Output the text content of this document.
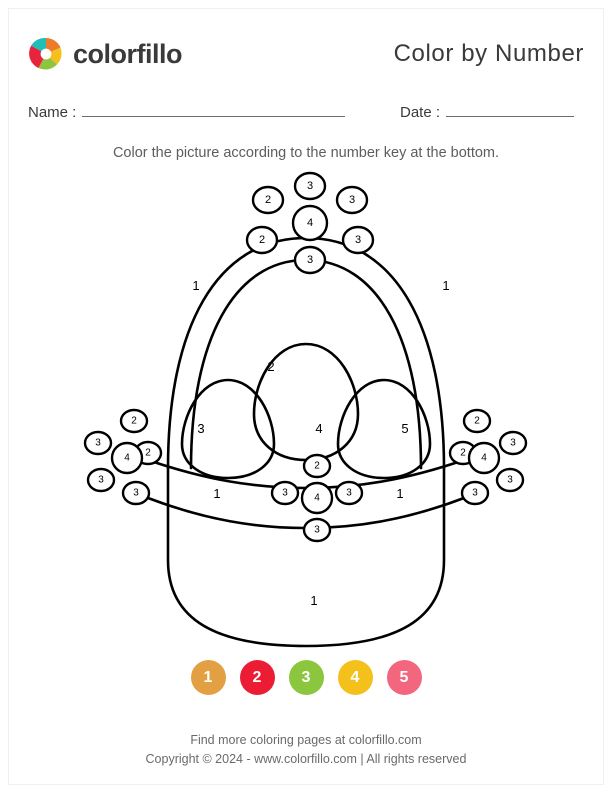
colorfillo	Color by Number
Name :	Date :
Color the picture according to the number key at the bottom.
1	1
2
3	4	5
1	1
1
3
2	3
2	3
3
4
2
3
2
3
3
4
2
3
2
3
3
4
2
3	3
3
4
1	2	3	4	5
Find more coloring pages at colorfillo.com
Copyright © 2024 - www.colorfillo.com | All rights reserved
